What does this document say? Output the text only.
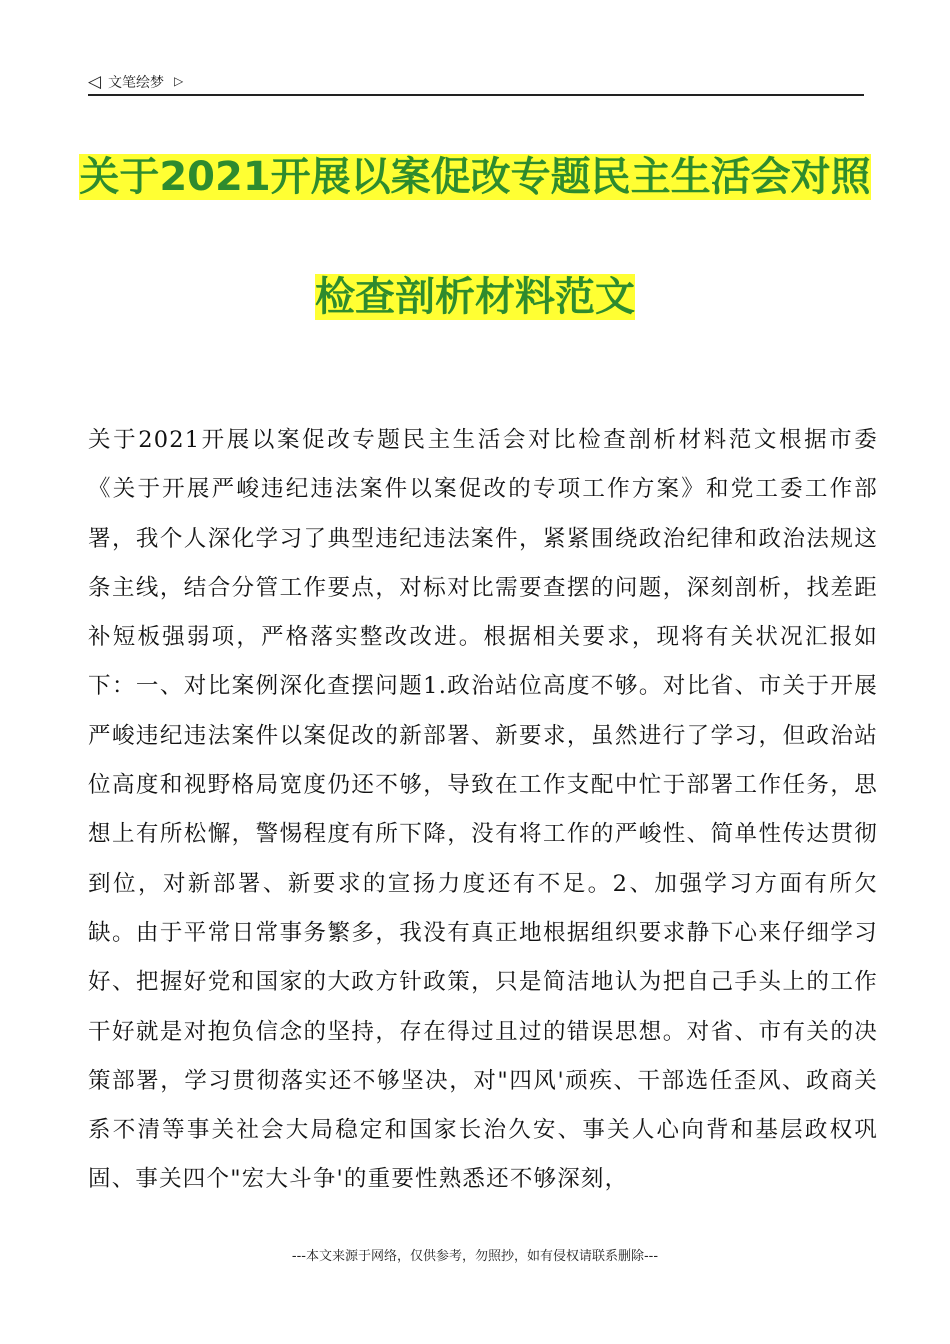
◁ 文笔绘梦 ▷
关于2021开展以案促改专题民主生活会对照
检查剖析材料范文
关于2021开展以案促改专题民主生活会对比检查剖析材料范文根据市委《关于开展严峻违纪违法案件以案促改的专项工作方案》和党工委工作部署，我个人深化学习了典型违纪违法案件，紧紧围绕政治纪律和政治法规这条主线，结合分管工作要点，对标对比需要查摆的问题，深刻剖析，找差距补短板强弱项，严格落实整改改进。根据相关要求，现将有关状况汇报如下：一、对比案例深化查摆问题1.政治站位高度不够。对比省、市关于开展严峻违纪违法案件以案促改的新部署、新要求，虽然进行了学习，但政治站位高度和视野格局宽度仍还不够，导致在工作支配中忙于部署工作任务，思想上有所松懈，警惕程度有所下降，没有将工作的严峻性、简单性传达贯彻到位，对新部署、新要求的宣扬力度还有不足。2、加强学习方面有所欠缺。由于平常日常事务繁多，我没有真正地根据组织要求静下心来仔细学习好、把握好党和国家的大政方针政策，只是简洁地认为把自己手头上的工作干好就是对抱负信念的坚持，存在得过且过的错误思想。对省、市有关的决策部署，学习贯彻落实还不够坚决，对"四风'顽疾、干部选任歪风、政商关系不清等事关社会大局稳定和国家长治久安、事关人心向背和基层政权巩固、事关四个"宏大斗争'的重要性熟悉还不够深刻，
---本文来源于网络，仅供参考，勿照抄，如有侵权请联系删除---
